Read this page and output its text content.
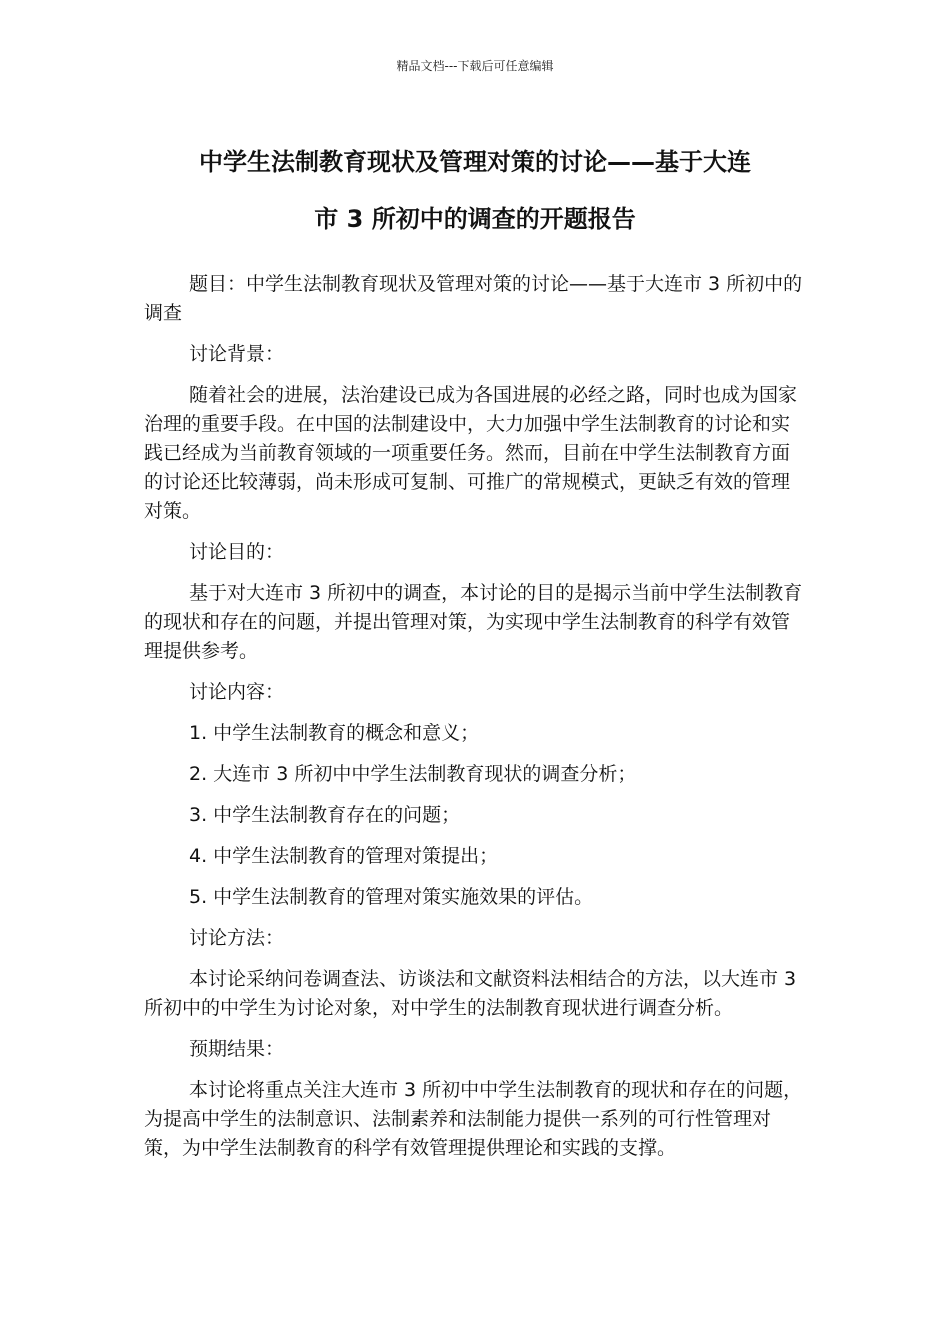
精品文档---下载后可任意编辑
中学生法制教育现状及管理对策的讨论——基于大连
市 3 所初中的调查的开题报告

题目：中学生法制教育现状及管理对策的讨论——基于大连市 3 所初中的调查

讨论背景：

随着社会的进展，法治建设已成为各国进展的必经之路，同时也成为国家治理的重要手段。在中国的法制建设中，大力加强中学生法制教育的讨论和实践已经成为当前教育领域的一项重要任务。然而，目前在中学生法制教育方面的讨论还比较薄弱，尚未形成可复制、可推广的常规模式，更缺乏有效的管理对策。

讨论目的：

基于对大连市 3 所初中的调查，本讨论的目的是揭示当前中学生法制教育的现状和存在的问题，并提出管理对策，为实现中学生法制教育的科学有效管理提供参考。

讨论内容：

1. 中学生法制教育的概念和意义；
2. 大连市 3 所初中中学生法制教育现状的调查分析；
3. 中学生法制教育存在的问题；
4. 中学生法制教育的管理对策提出；
5. 中学生法制教育的管理对策实施效果的评估。

讨论方法：

本讨论采纳问卷调查法、访谈法和文献资料法相结合的方法，以大连市 3 所初中的中学生为讨论对象，对中学生的法制教育现状进行调查分析。

预期结果：

本讨论将重点关注大连市 3 所初中中学生法制教育的现状和存在的问题，为提高中学生的法制意识、法制素养和法制能力提供一系列的可行性管理对策，为中学生法制教育的科学有效管理提供理论和实践的支撑。
